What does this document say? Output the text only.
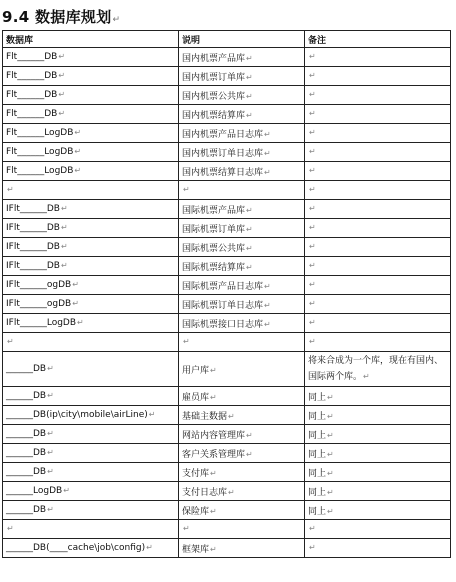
9.4 数据库规划↵
数据库	说明	备注
Flt______DB↵	国内机票产品库↵	↵
Flt______DB↵	国内机票订单库↵	↵
Flt______DB↵	国内机票公共库↵	↵
Flt______DB↵	国内机票结算库↵	↵
Flt______LogDB↵	国内机票产品日志库↵	↵
Flt______LogDB↵	国内机票订单日志库↵	↵
Flt______LogDB↵	国内机票结算日志库↵	↵
↵	↵	↵
IFlt______DB↵	国际机票产品库↵	↵
IFlt______DB↵	国际机票订单库↵	↵
IFlt______DB↵	国际机票公共库↵	↵
IFlt______DB↵	国际机票结算库↵	↵
IFlt______ogDB↵	国际机票产品日志库↵	↵
IFlt______ogDB↵	国际机票订单日志库↵	↵
IFlt______LogDB↵	国际机票接口日志库↵	↵
↵	↵	↵
______DB↵	用户库↵	将来合成为一个库，现在有国内、国际两个库。↵
______DB↵	雇员库↵	同上↵
______DB(ip\city\mobile\airLine)↵	基础主数据↵	同上↵
______DB↵	网站内容管理库↵	同上↵
______DB↵	客户关系管理库↵	同上↵
______DB↵	支付库↵	同上↵
______LogDB↵	支付日志库↵	同上↵
______DB↵	保险库↵	同上↵
↵	↵	↵
______DB(____cache\job\config)↵	框架库↵	↵
